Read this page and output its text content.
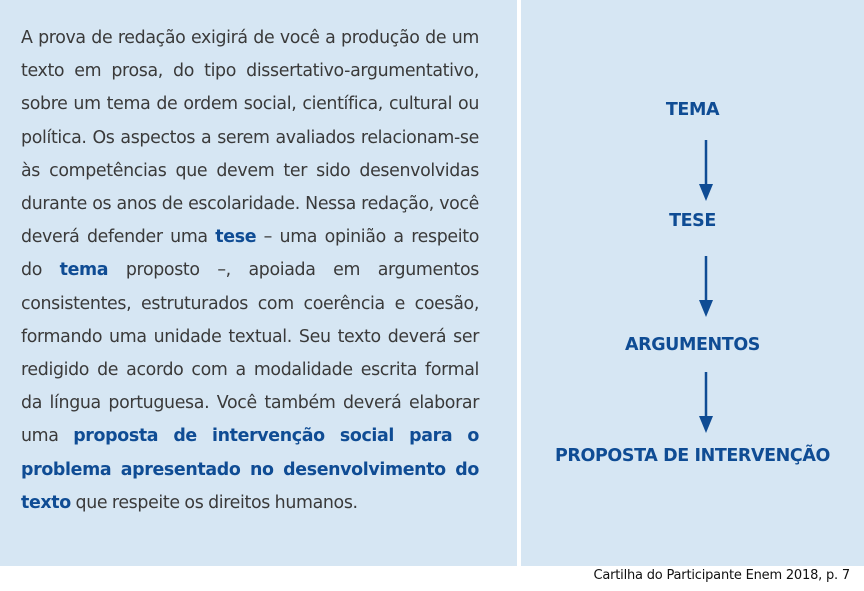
A prova de redação exigirá de você a produção de um texto em prosa, do tipo dissertativo-argumentativo, sobre um tema de ordem social, científica, cultural ou política. Os aspectos a serem avaliados relacionam-se às competências que devem ter sido desenvolvidas durante os anos de escolaridade. Nessa redação, você deverá defender uma tese – uma opinião a respeito do tema proposto –, apoiada em argumentos consistentes, estruturados com coerência e coesão, formando uma unidade textual. Seu texto deverá ser redigido de acordo com a modalidade escrita formal da língua portuguesa. Você também deverá elaborar uma proposta de intervenção social para o problema apresentado no desenvolvimento do texto que respeite os direitos humanos.

TEMA
TESE
ARGUMENTOS
PROPOSTA DE INTERVENÇÃO
Cartilha do Participante Enem 2018, p. 7
